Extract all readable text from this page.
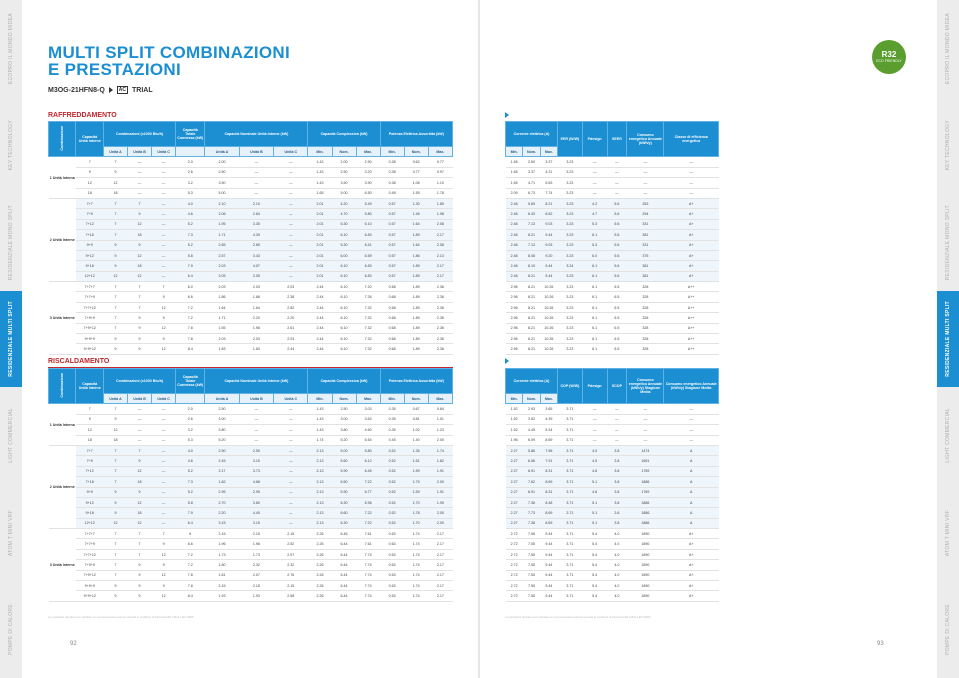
ECOPRO IL MONDO MIDEA
KEY TECHNOLOGY
RESIDENZIALE MONO SPLIT
RESIDENZIALE MULTI SPLIT
LIGHT COMMERCIAL
ATOM T MINI VRF
POMPE DI CALORE
ECOPRO IL MONDO MIDEA
KEY TECHNOLOGY
RESIDENZIALE MONO SPLIT
RESIDENZIALE MULTI SPLIT
LIGHT COMMERCIAL
ATOM T MINI VRF
POMPE DI CALORE
MULTI SPLIT COMBINAZIONI
E PRESTAZIONI
M3OG-21HFN8-Q	AC TRIAL
R32
ECO FRIENDLY
RAFFREDDAMENTO
Combinazione	Capacità Unità Interne	Combinazioni (x1000 Btu/h)			Capacità Totale Connessa (kW)	Capacità Nominale Unità Interne (kW)			Capacità Complessiva (kW)			Potenza Elettrica Assorbita (kW)		
		Unità A	Unità B	Unità C		Unità A	Unità B	Unità C	Min.	Nom.	Max.	Min.	Nom.	Max.
1 Unità Interna	7	7	—	—	2.0	2.00	—	—	1.43	2.00	2.90	0.38	0.62	0.77
	9	9	—	—	2.6	2.50	—	—	1.43	2.50	3.20	0.38	0.77	0.97
	12	12	—	—	3.2	3.50	—	—	1.43	3.50	3.90	0.38	1.08	1.10
	18	18	—	—	5.3	5.00	—	—	1.65	5.00	6.50	0.48	1.55	1.78
2 Unità Interne	7+7	7	7	—	4.0	2.10	2.10	—	2.01	4.20	5.49	0.57	1.30	1.89
	7+9	7	9	—	4.6	2.06	2.64	—	2.01	4.70	5.80	0.57	1.46	1.98
	7+12	7	12	—	5.2	1.95	3.35	—	2.01	5.30	6.10	0.57	1.64	2.08
	7+18	7	18	—	7.3	1.71	4.39	—	2.01	6.10	6.83	0.57	1.89	2.17
	9+9	9	9	—	5.2	2.65	2.65	—	2.01	5.30	6.41	0.57	1.64	2.08
	9+12	9	12	—	5.8	2.57	3.43	—	2.01	6.00	6.59	0.57	1.86	2.13
	9+18	9	18	—	7.9	2.03	4.07	—	2.01	6.10	6.83	0.57	1.89	2.17
	12+12	12	12	—	6.4	3.05	3.05	—	2.01	6.10	6.83	0.57	1.89	2.17
3 Unità Interne	7+7+7	7	7	7	6.0	2.03	2.03	2.03	2.44	6.10	7.20	0.68	1.89	2.36
	7+7+9	7	7	9	6.6	1.86	1.86	2.38	2.44	6.10	7.26	0.68	1.89	2.36
	7+7+12	7	7	12	7.2	1.64	1.64	2.82	2.44	6.10	7.32	0.68	1.89	2.36
	7+9+9	7	9	9	7.2	1.71	2.20	2.20	2.44	6.10	7.32	0.68	1.89	2.36
	7+9+12	7	9	12	7.8	1.55	1.96	2.61	2.44	6.10	7.32	0.68	1.89	2.36
	9+9+9	9	9	9	7.8	2.03	2.03	2.03	2.44	6.10	7.32	0.68	1.89	2.36
	9+9+12	9	9	12	8.4	1.83	1.83	2.44	2.44	6.10	7.32	0.68	1.89	2.36
Corrente elettrica (A)			EER (W/W)	Pdesign	SEER	Consumo energetico Annuale (kWh/y)	Classe di efficienza energetica
Min.	Nom.	Max.					
1.65	2.69	3.37	3.23	—	—	—	—
1.65	3.37	4.21	3.23	—	—	—	—
1.65	4.71	5.63	3.23	—	—	—	—
2.09	6.73	7.74	3.23	—	—	—	—
2.46	5.65	8.21	3.23	4.2	5.6	263	A+
2.46	6.33	8.62	3.23	4.7	5.6	294	A+
2.46	7.13	9.03	3.23	5.3	5.6	331	A+
2.46	8.21	9.44	3.23	6.1	5.6	381	A+
2.46	7.13	9.03	3.23	5.3	5.6	331	A+
2.46	8.08	9.20	3.23	6.0	5.6	375	A+
2.46	8.19	9.44	3.24	6.1	5.6	381	A+
2.46	8.21	9.44	3.23	6.1	5.6	381	A+
2.96	8.21	10.26	3.23	6.1	6.5	328	A++
2.96	8.21	10.26	3.23	6.1	6.5	328	A++
2.96	8.21	10.26	3.23	6.1	6.5	328	A++
2.96	8.21	10.26	3.23	6.1	6.5	328	A++
2.96	8.21	10.26	3.23	6.1	6.5	328	A++
2.96	8.21	10.26	3.23	6.1	6.5	328	A++
2.96	8.21	10.26	3.23	6.1	6.5	328	A++
RISCALDAMENTO
Combinazione	Capacità Unità Interne	Combinazioni (x1000 Btu/h)			Capacità Totale Connessa (kW)	Capacità Nominale Unità Interne (kW)			Capacità Complessiva (kW)			Potenza Elettrica Assorbita (kW)		
		Unità A	Unità B	Unità C		Unità A	Unità B	Unità C	Min.	Nom.	Max.	Min.	Nom.	Max.
1 Unità Interna	7	7	—	—	2.0	2.50	—	—	1.43	2.50	3.03	0.35	0.67	0.84
	9	9	—	—	2.6	3.00	—	—	1.43	3.00	3.63	0.35	0.81	1.01
	12	12	—	—	3.2	3.80	—	—	1.43	3.80	4.60	0.35	1.02	1.23
	18	18	—	—	5.3	5.20	—	—	1.74	5.20	6.54	0.45	1.40	2.00
2 Unità Interne	7+7	7	7	—	4.0	2.50	2.50	—	2.13	5.00	5.80	0.52	1.35	1.74
	7+9	7	9	—	4.6	2.45	3.15	—	2.13	5.60	6.12	0.52	1.51	1.82
	7+12	7	12	—	5.2	2.17	3.73	—	2.13	5.90	6.45	0.52	1.59	1.91
	7+18	7	18	—	7.3	1.82	4.68	—	2.13	6.50	7.22	0.52	1.75	2.00
	9+9	9	9	—	5.2	2.95	2.95	—	2.13	5.90	6.77	0.52	1.59	1.91
	9+12	9	12	—	5.8	2.70	3.60	—	2.13	6.30	6.96	0.52	1.70	1.95
	9+18	9	18	—	7.9	2.20	4.40	—	2.13	6.60	7.22	0.52	1.78	2.00
	12+12	12	12	—	6.4	3.15	3.15	—	2.13	6.30	7.22	0.52	1.70	2.00
3 Unità Interne	7+7+7	7	7	7	6	2.15	2.15	2.15	2.26	6.45	7.61	0.63	1.74	2.17
	7+7+9	7	7	9	6.6	1.96	1.96	2.52	2.26	6.44	7.61	0.63	1.74	2.17
	7+7+12	7	7	12	7.2	1.73	1.73	2.97	2.26	6.44	7.74	0.63	1.74	2.17
	7+9+9	7	9	9	7.2	1.80	2.32	2.32	2.26	6.44	7.74	0.63	1.74	2.17
	7+9+12	7	9	12	7.8	1.61	2.07	2.76	2.26	6.44	7.74	0.63	1.74	2.17
	9+9+9	9	9	9	7.8	2.15	2.15	2.15	2.26	6.44	7.74	0.63	1.74	2.17
	9+9+12	9	9	12	8.4	1.93	1.93	2.58	2.26	6.44	7.74	0.63	1.74	2.17
Corrente elettrica (A)			COP (W/W)	Pdesign	SCOP	Consumo energetico Annuale (kWh/y) Stagione Media	Consumo energetico Annuale (kWh/y) Stagione Media
Min.	Nom.	Max.					
1.52	2.93	3.65	3.71	—	—	—	—
1.52	3.52	4.39	3.71	—	—	—	—
1.52	4.45	5.34	3.71	—	—	—	—
1.96	6.09	8.69	3.71	—	—	—	—
2.27	5.86	7.56	3.71	4.0	3.8	1474	A
2.27	6.56	7.91	3.71	4.5	3.8	1651	A
2.27	6.91	8.31	3.71	4.8	3.8	1769	A
2.27	7.62	8.69	3.71	5.1	3.8	1886	A
2.27	6.91	8.31	3.71	4.8	3.8	1769	A
2.27	7.38	8.48	3.71	5.1	3.8	1886	A
2.27	7.73	8.69	3.71	5.1	3.8	1886	A
2.27	7.38	8.69	3.71	5.1	3.8	1886	A
2.72	7.56	9.44	3.71	5.4	4.0	1890	A+
2.72	7.55	9.44	3.71	5.4	4.0	1890	A+
2.72	7.55	9.44	3.71	5.4	4.0	1890	A+
2.72	7.55	9.44	3.71	5.4	4.0	1890	A+
2.72	7.55	9.44	3.71	5.4	4.0	1890	A+
2.72	7.55	9.44	3.71	5.4	4.0	1890	A+
2.72	7.55	9.44	3.71	5.4	4.0	1890	A+
Le prestazioni riportate sono calcolate con una temperatura esterna secondo le condizioni di riferimento EN 14511 e EN 14825	Le prestazioni riportate sono calcolate con una temperatura esterna secondo le condizioni di riferimento EN 14511 e EN 14825
92	93
